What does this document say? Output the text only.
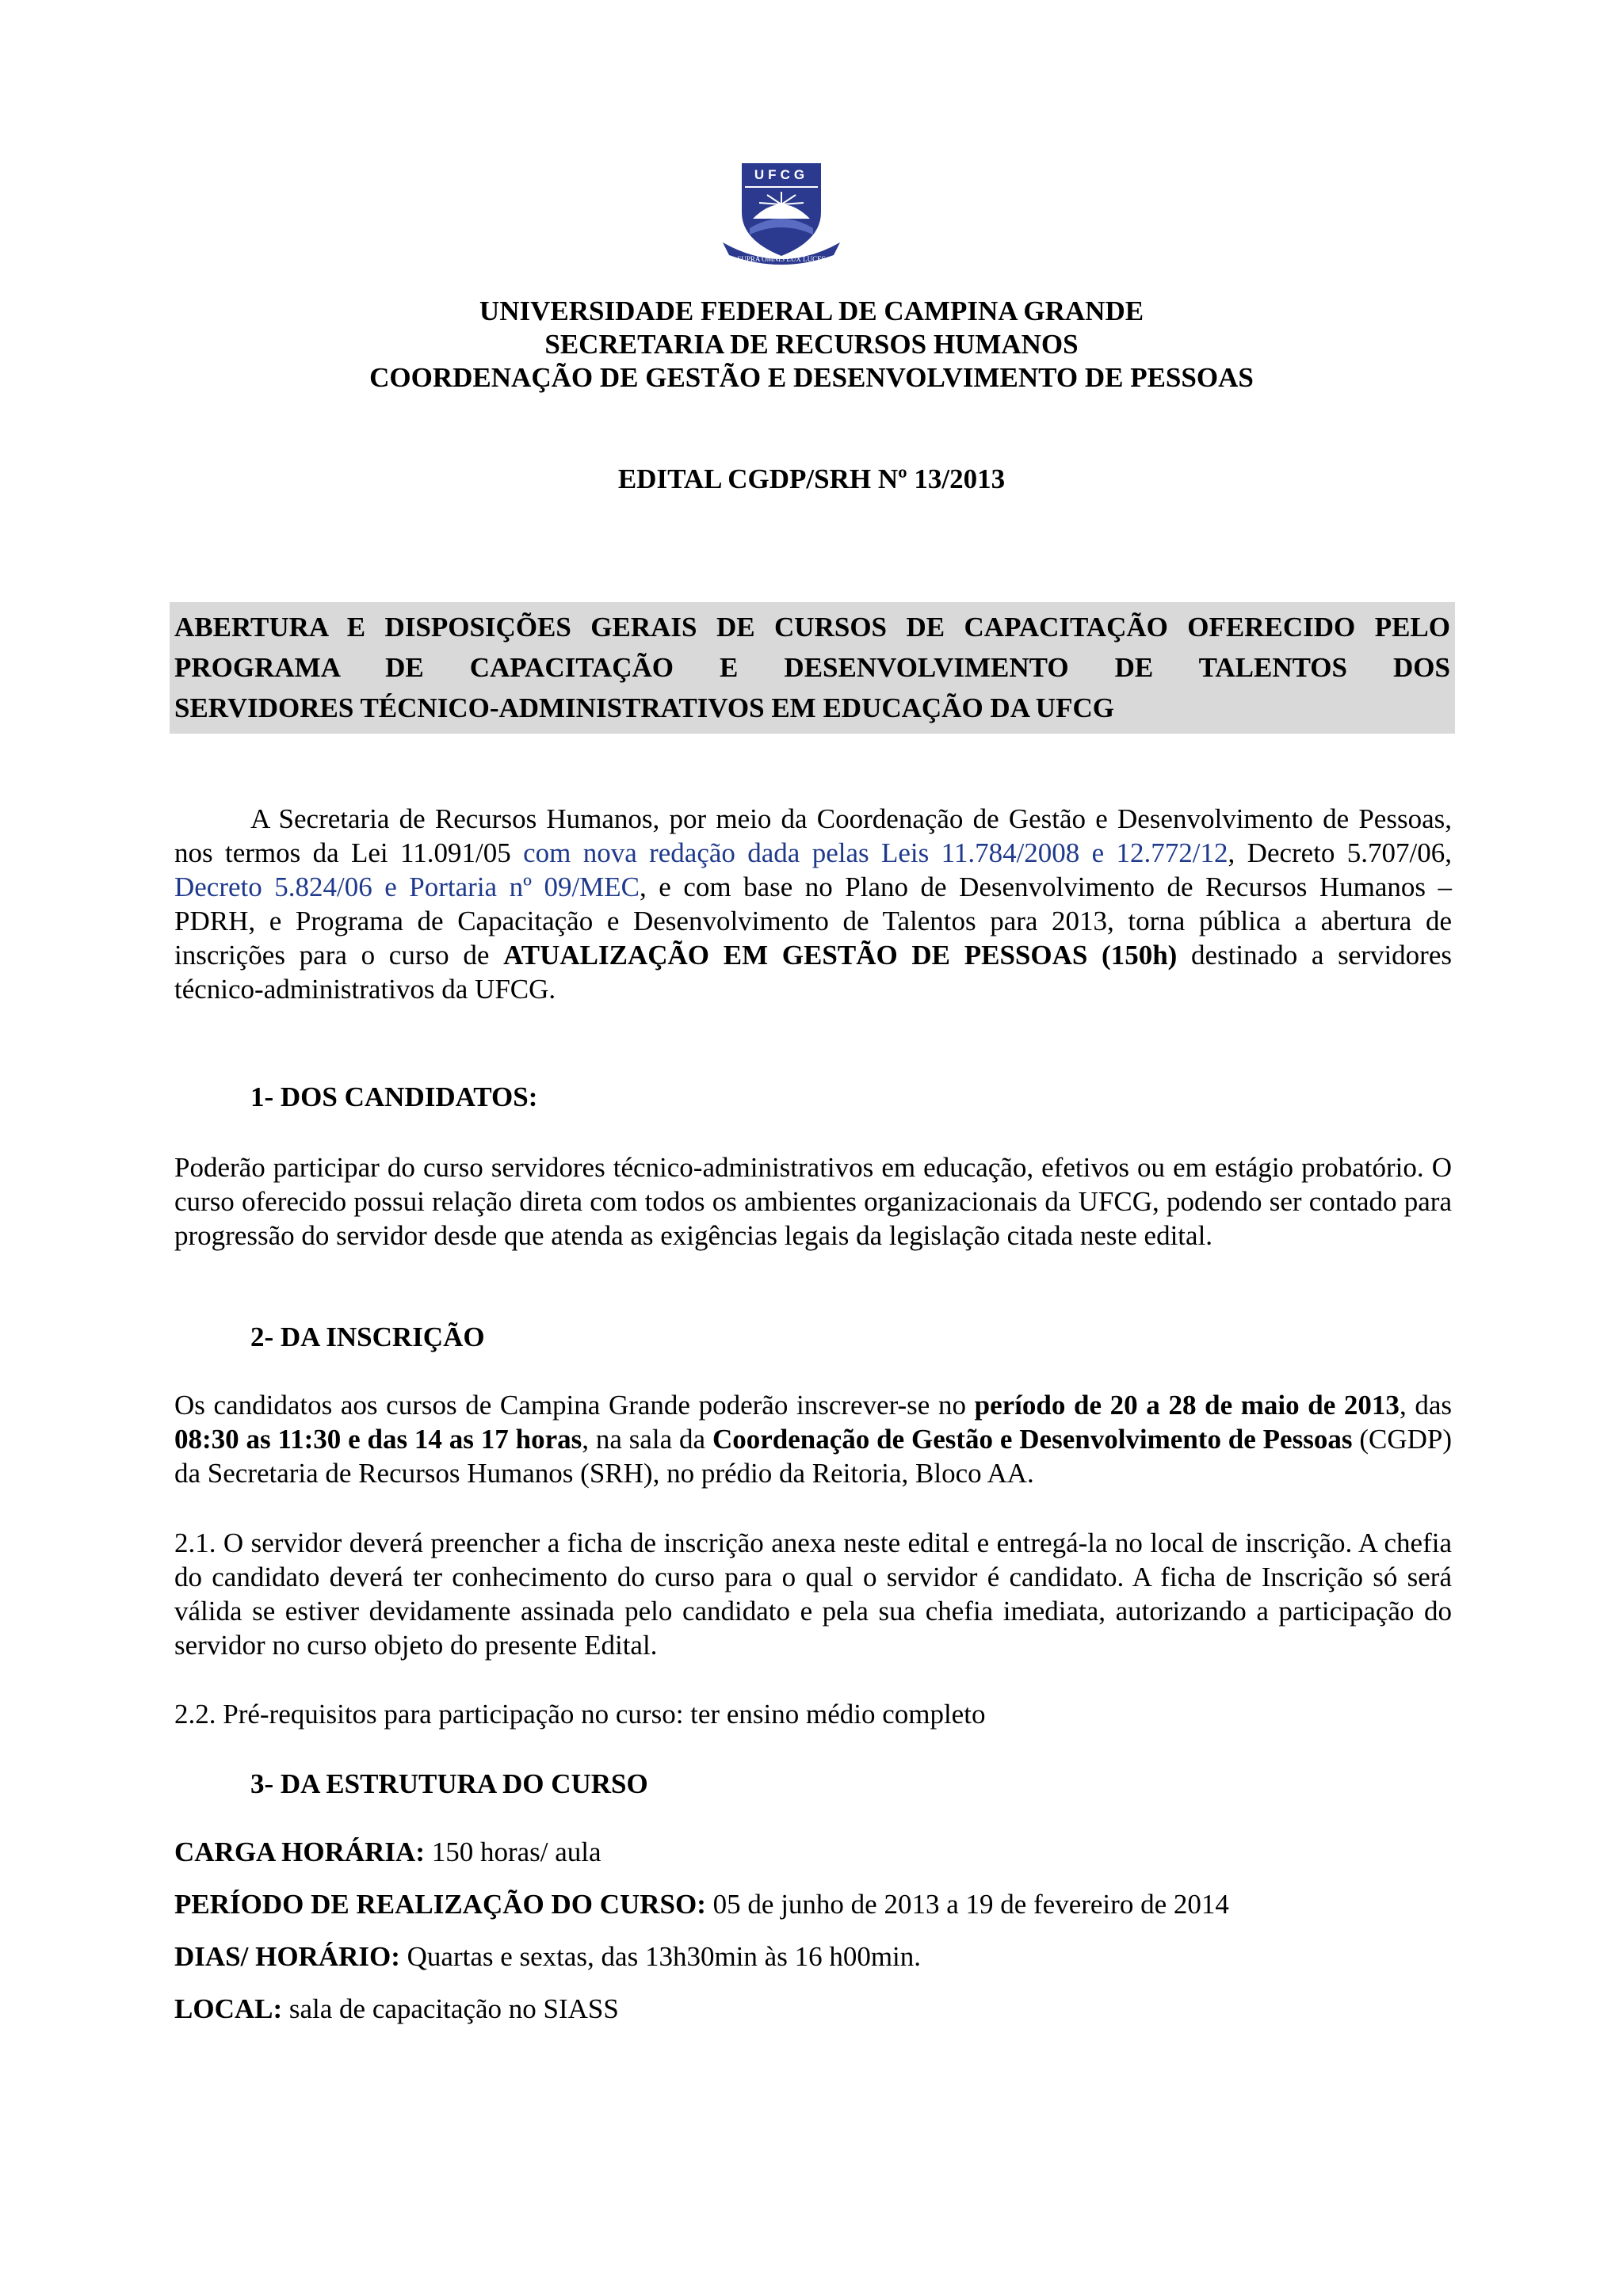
UFCG
SUPRA OMNIS LUX LUCES
UNIVERSIDADE FEDERAL DE CAMPINA GRANDE
SECRETARIA DE RECURSOS HUMANOS
COORDENAÇÃO DE GESTÃO E DESENVOLVIMENTO DE PESSOAS
EDITAL CGDP/SRH Nº 13/2013

ABERTURA E DISPOSIÇÕES GERAIS DE CURSOS DE CAPACITAÇÃO OFERECIDO PELO

PROGRAMA DE CAPACITAÇÃO E DESENVOLVIMENTO DE TALENTOS DOS

SERVIDORES TÉCNICO-ADMINISTRATIVOS EM EDUCAÇÃO DA UFCG

A Secretaria de Recursos Humanos, por meio da Coordenação de Gestão e Desenvolvimento de Pessoas, nos termos da Lei 11.091/05 com nova redação dada pelas Leis 11.784/2008 e 12.772/12, Decreto 5.707/06, Decreto 5.824/06 e Portaria nº 09/MEC, e com base no Plano de Desenvolvimento de Recursos Humanos – PDRH, e Programa de Capacitação e Desenvolvimento de Talentos para 2013, torna pública a abertura de inscrições para o curso de ATUALIZAÇÃO EM GESTÃO DE PESSOAS (150h) destinado a servidores técnico-administrativos da UFCG.

1- DOS CANDIDATOS:

Poderão participar do curso servidores técnico-administrativos em educação, efetivos ou em estágio probatório. O curso oferecido possui relação direta com todos os ambientes organizacionais da UFCG, podendo ser contado para progressão do servidor desde que atenda as exigências legais da legislação citada neste edital.

2- DA INSCRIÇÃO

Os candidatos aos cursos de Campina Grande poderão inscrever-se no período de 20 a 28 de maio de 2013, das 08:30 as 11:30 e das 14 as 17 horas, na sala da Coordenação de Gestão e Desenvolvimento de Pessoas (CGDP) da Secretaria de Recursos Humanos (SRH), no prédio da Reitoria, Bloco AA.

2.1. O servidor deverá preencher a ficha de inscrição anexa neste edital e entregá-la no local de inscrição. A chefia do candidato deverá ter conhecimento do curso para o qual o servidor é candidato. A ficha de Inscrição só será válida se estiver devidamente assinada pelo candidato e pela sua chefia imediata, autorizando a participação do servidor no curso objeto do presente Edital.

2.2. Pré-requisitos para participação no curso: ter ensino médio completo

3- DA ESTRUTURA DO CURSO

CARGA HORÁRIA: 150 horas/ aula

PERÍODO DE REALIZAÇÃO DO CURSO: 05 de junho de 2013 a 19 de fevereiro de 2014

DIAS/ HORÁRIO: Quartas e sextas, das 13h30min às 16 h00min.

LOCAL: sala de capacitação no SIASS
